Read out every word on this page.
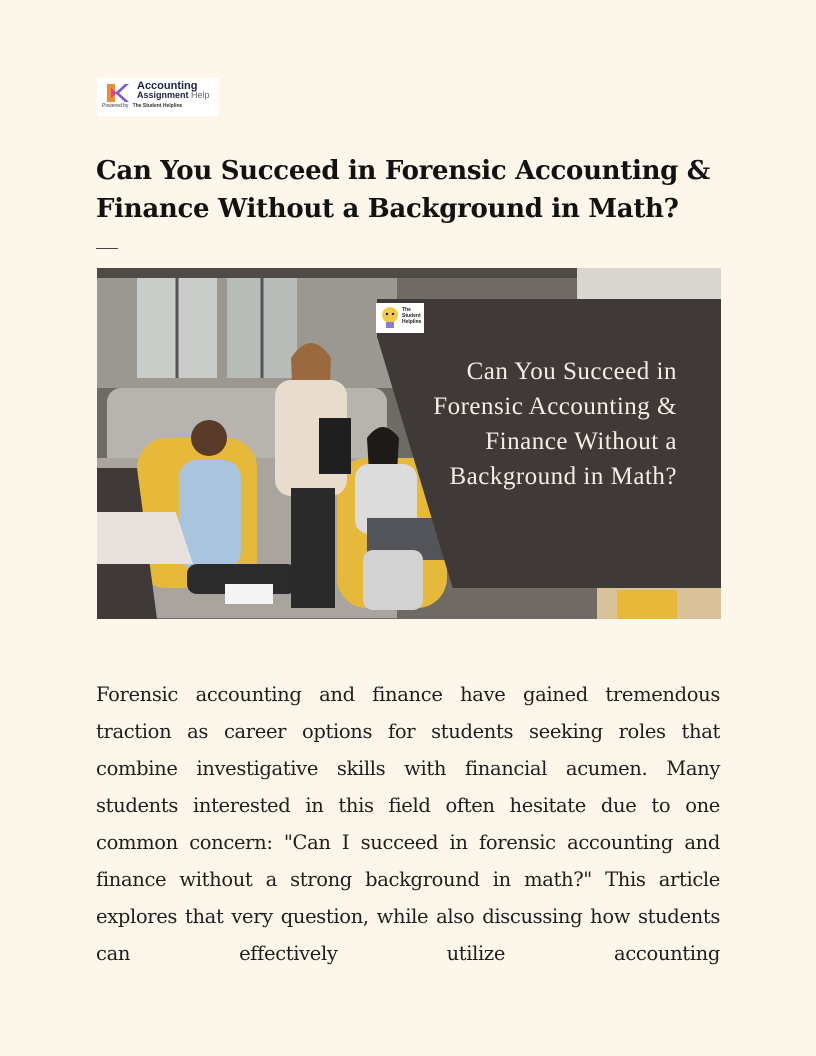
Accounting
Assignment Help
Powered by The Student Helpline
Can You Succeed in Forensic Accounting & Finance Without a Background in Math?
The Student Helpline
Can You Succeed in Forensic Accounting & Finance Without a Background in Math?

Forensic accounting and finance have gained tremendous traction as career options for students seeking roles that combine investigative skills with financial acumen. Many students interested in this field often hesitate due to one common concern: "Can I succeed in forensic accounting and finance without a strong background in math?" This article explores that very question, while also discussing how students can effectively utilize accounting
